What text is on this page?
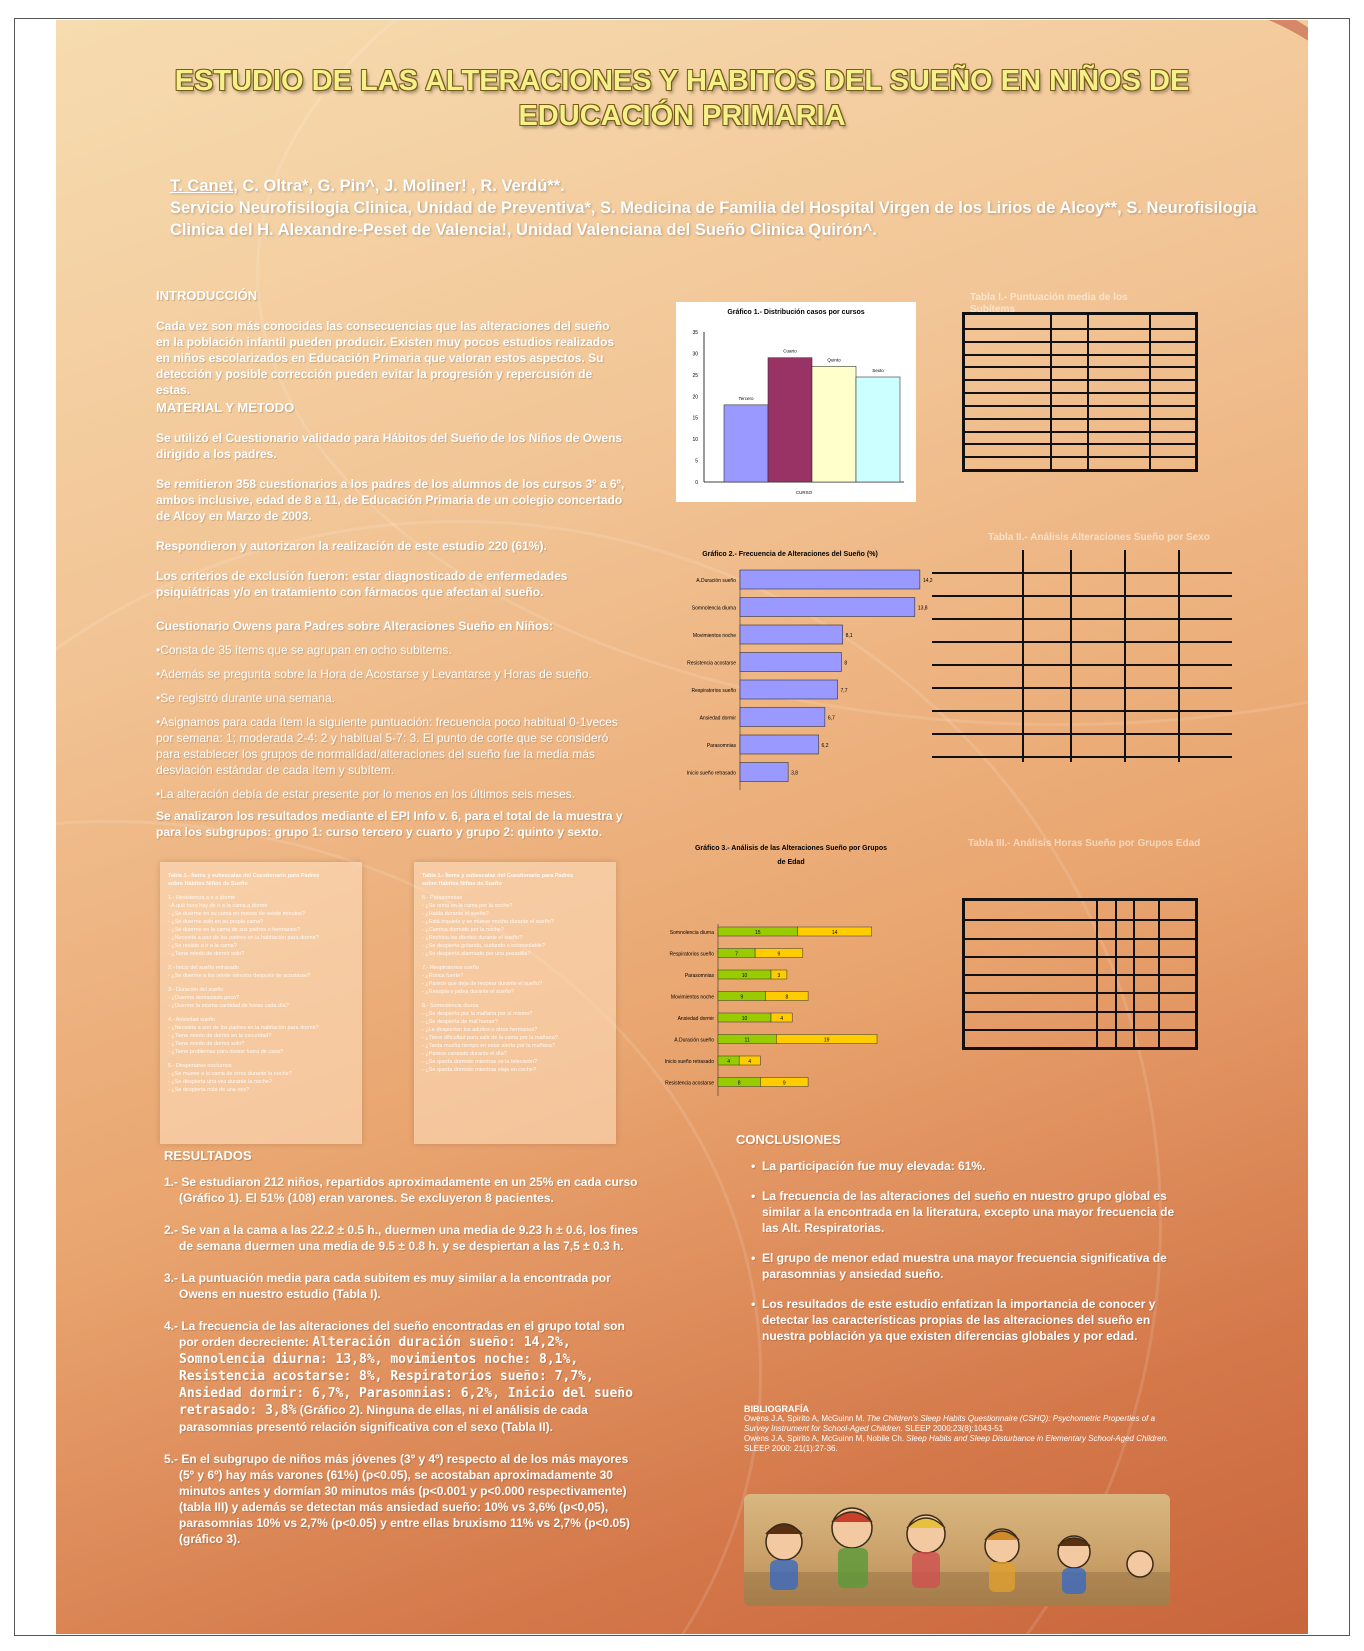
ESTUDIO DE LAS ALTERACIONES Y HABITOS DEL SUEÑO EN NIÑOS DE EDUCACIÓN PRIMARIA
T. Canet, C. Oltra*, G. Pin^, J. Moliner! , R. Verdú**.
Servicio Neurofisilogia Clinica, Unidad de Preventiva*, S. Medicina de Familia del Hospital Virgen de los Lirios de Alcoy**, S. Neurofisilogia Clinica del H. Alexandre-Peset de Valencia!, Unidad Valenciana del Sueño Clinica Quirón^.
INTRODUCCIÓN
Cada vez son más conocidas las consecuencias que las alteraciones del sueño en la población infantil pueden producir. Existen muy pocos estudios realizados en niños escolarizados en Educación Primaria que valoran estos aspectos. Su detección y posible corrección pueden evitar la progresión y repercusión de estas.
MATERIAL Y METODO

Se utilizó el Cuestionario validado para Hábitos del Sueño de los Niños de Owens dirigido a los padres.

Se remitieron 358 cuestionarios a los padres de los alumnos de los cursos 3º a 6º, ambos inclusive, edad de 8 a 11, de Educación Primaria de un colegio concertado de Alcoy en Marzo de 2003.

Respondieron y autorizaron la realización de este estudio 220 (61%).

Los criterios de exclusión fueron: estar diagnosticado de enfermedades psiquiátricas y/o en tratamiento con fármacos que afectan al sueño.

Cuestionario Owens para Padres sobre Alteraciones Sueño en Niños:

•Consta de 35 ítems que se agrupan en ocho subitems.

•Además se pregunta sobre la Hora de Acostarse y Levantarse y Horas de sueño.

•Se registró durante una semana.

•Asignamos para cada ítem la siguiente puntuación: frecuencia poco habitual 0-1veces por semana: 1; moderada 2-4: 2 y habitual 5-7: 3. El punto de corte que se consideró para establecer los grupos de normalidad/alteraciones del sueño fue la media más desviación estándar de cada ítem y subítem.

•La alteración debía de estar presente por lo menos en los últimos seis meses.

Se analizaron los resultados mediante el EPI Info v. 6, para el total de la muestra y para los subgrupos: grupo 1: curso tercero y cuarto y grupo 2: quinto y sexto.

Tabla 1.- Ítems y subescalas del Cuestionario para Padres
sobre Hábitos Niños de Sueño
1.- Resistencia a ir a dormir
- A qué hora hay de ir a la cama a dormir
- ¿Se duerme en su cama en menos de veinte minutos?
- ¿Se duerme solo en su propia cama?
- ¿Se duerme en la cama de sus padres o hermanos?
- ¿Necesita a uno de los padres en la habitación para dormir?
- ¿Se resiste a ir a la cama?
- ¿Tiene miedo de dormir solo?
2.- Inicio del sueño retrasado
- ¿Se duerme a los veinte minutos después de acostarse?
3.- Duración del sueño
- ¿Duerme demasiado poco?
- ¿Duerme la misma cantidad de horas cada día?
4.- Ansiedad sueño
- ¿Necesita a uno de los padres en la habitación para dormir?
- ¿Tiene miedo de dormir en la oscuridad?
- ¿Tiene miedo de dormir solo?
- ¿Tiene problemas para dormir fuera de casa?
5.- Despertares nocturnos
- ¿Se mueve a la cama de otros durante la noche?
- ¿Se despierta una vez durante la noche?
- ¿Se despierta más de una vez?
Tabla 1.- Ítems y subescalas del Cuestionario para Padres
sobre Hábitos Niños de Sueño
6.- Parasomnias
- ¿Se orina en la cama por la noche?
- ¿Habla durante el sueño?
- ¿Está inquieto y se mueve mucho durante el sueño?
- ¿Camina dormido por la noche?
- ¿Rechina los dientes durante el sueño?
- ¿Se despierta gritando, sudando o inconsolable?
- ¿Se despierta alarmado por una pesadilla?
7.- Respiratorios sueño
- ¿Ronca fuerte?
- ¿Parece que deja de respirar durante el sueño?
- ¿Resopla o jadea durante el sueño?
8.- Somnolencia diurna
- ¿Se despierta por la mañana por sí mismo?
- ¿Se despierta de mal humor?
- ¿Le despiertan los adultos u otros hermanos?
- ¿Tiene dificultad para salir de la cama por la mañana?
- ¿Tarda mucho tiempo en estar alerta por la mañana?
- ¿Parece cansado durante el día?
- ¿Se queda dormido mientras ve la televisión?
- ¿Se queda dormido mientras viaja en coche?
RESULTADOS

1.- Se estudiaron 212 niños, repartidos aproximadamente en un 25% en cada curso (Gráfico 1). El 51% (108) eran varones. Se excluyeron 8 pacientes.

2.- Se van a la cama a las 22.2 ± 0.5 h., duermen una media de 9.23 h ± 0.6, los fines de semana duermen una media de 9.5 ± 0.8 h. y se despiertan a las 7,5 ± 0.3 h.

3.- La puntuación media para cada subitem es muy similar a la encontrada por Owens en nuestro estudio (Tabla I).

4.- La frecuencia de las alteraciones del sueño encontradas en el grupo total son por orden decreciente: Alteración duración sueño: 14,2%, Somnolencia diurna: 13,8%, movimientos noche: 8,1%, Resistencia acostarse: 8%, Respiratorios sueño: 7,7%, Ansiedad dormir: 6,7%, Parasomnias: 6,2%, Inicio del sueño retrasado: 3,8% (Gráfico 2). Ninguna de ellas, ni el análisis de cada parasomnias presentó relación significativa con el sexo (Tabla II).

5.- En el subgrupo de niños más jóvenes (3º y 4º) respecto al de los más mayores (5º y 6º) hay más varones (61%) (p<0.05), se acostaban aproximadamente 30 minutos antes y dormían 30 minutos más (p<0.001 y p<0.000 respectivamente) (tabla III) y además se detectan más ansiedad sueño: 10% vs 3,6% (p<0,05), parasomnias 10% vs 2,7% (p<0.05) y entre ellas bruxismo 11% vs 2,7% (p<0.05) (gráfico 3).

Gráfico 1.- Distribución casos por cursos
0
5
10
15
20
25
30
35
Tercero
Cuarto
Quinto
Sexto
CURSO
Gráfico 2.- Frecuencia de Alteraciones del Sueño (%)
A.Duración sueño	14,2
Somnolencia diurna	13,8
Movimientos noche	8,1
Resistencia acostarse	8
Respiratorios sueño	7,7
Ansiedad dormir	6,7
Parasomnias	6,2
Inicio sueño retrasado	3,8
Gráfico 3.- Análisis de las Alteraciones Sueño por Grupos
de Edad
Somnolencia diurna	15	14
Respiratorios sueño	7	9
Parasomnias	10	3
Movimientos noche	9	8
Ansiedad dormir	10	4
A.Duración sueño	11	19
Inicio sueño retrasado	4	4
Resistencia acostarse	8	9
Tabla I.- Puntuación media de los Subítems
Tabla II.- Análisis Alteraciones Sueño por Sexo
Tabla III.- Análisis Horas Sueño por Grupos Edad
CONCLUSIONES
• La participación fue muy elevada: 61%.
• La frecuencia de las alteraciones del sueño en nuestro grupo global es similar a la encontrada en la literatura, excepto una mayor frecuencia de las Alt. Respiratorias.
• El grupo de menor edad muestra una mayor frecuencia significativa de parasomnias y ansiedad sueño.
• Los resultados de este estudio enfatizan la importancia de conocer y detectar las características propias de las alteraciones del sueño en nuestra población ya que existen diferencias globales y por edad.
BIBLIOGRAFÍA
Owens J.A, Spirito A, McGuinn M. The Children's Sleep Habits Questionnaire (CSHQ): Psychometric Properties of a Survey Instrument for School-Aged Children. SLEEP 2000;23(8):1043-51
Owens J.A, Spirito A, McGuinn M, Nobile Ch. Sleep Habits and Sleep Disturbance in Elementary School-Aged Children. SLEEP 2000: 21(1):27-36.
